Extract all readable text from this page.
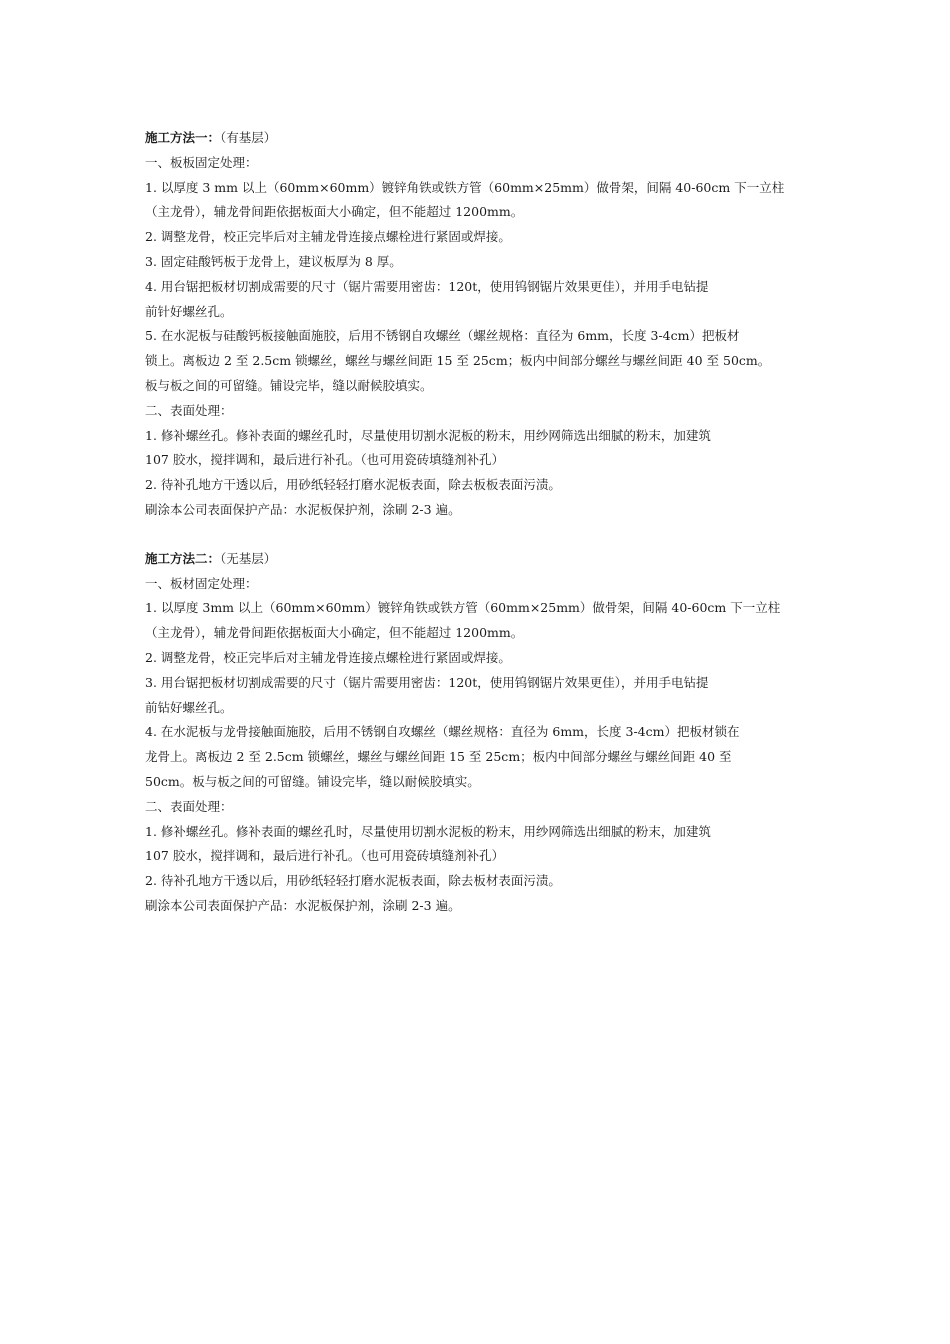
施工方法一：（有基层）

一、板板固定处理：

1. 以厚度 3 mm 以上（60mm×60mm）镀锌角铁或铁方管（60mm×25mm）做骨架，间隔 40-60cm 下一立柱

（主龙骨），辅龙骨间距依据板面大小确定，但不能超过 1200mm。

2. 调整龙骨，校正完毕后对主辅龙骨连接点螺栓进行紧固或焊接。

3. 固定硅酸钙板于龙骨上，建议板厚为 8 厚。

4. 用台锯把板材切割成需要的尺寸（锯片需要用密齿：120t，使用钨钢锯片效果更佳），并用手电钻提

前针好螺丝孔。

5. 在水泥板与硅酸钙板接触面施胶，后用不锈钢自攻螺丝（螺丝规格：直径为 6mm，长度 3-4cm）把板材

锁上。离板边 2 至 2.5cm 锁螺丝，螺丝与螺丝间距 15 至 25cm；板内中间部分螺丝与螺丝间距 40 至 50cm。

板与板之间的可留缝。铺设完毕，缝以耐候胶填实。

二、表面处理：

1. 修补螺丝孔。修补表面的螺丝孔时，尽量使用切割水泥板的粉末，用纱网筛选出细腻的粉末，加建筑

107 胶水，搅拌调和，最后进行补孔。（也可用瓷砖填缝剂补孔）

2. 待补孔地方干透以后，用砂纸轻轻打磨水泥板表面，除去板板表面污渍。

刷涂本公司表面保护产品：水泥板保护剂，涂刷 2-3 遍。

施工方法二：（无基层）

一、板材固定处理：

1. 以厚度 3mm 以上（60mm×60mm）镀锌角铁或铁方管（60mm×25mm）做骨架，间隔 40-60cm 下一立柱

（主龙骨），辅龙骨间距依据板面大小确定，但不能超过 1200mm。

2. 调整龙骨，校正完毕后对主辅龙骨连接点螺栓进行紧固或焊接。

3. 用台锯把板材切割成需要的尺寸（锯片需要用密齿：120t，使用钨钢锯片效果更佳），并用手电钻提

前钻好螺丝孔。

4. 在水泥板与龙骨接触面施胶，后用不锈钢自攻螺丝（螺丝规格：直径为 6mm，长度 3-4cm）把板材锁在

龙骨上。离板边 2 至 2.5cm 锁螺丝，螺丝与螺丝间距 15 至 25cm；板内中间部分螺丝与螺丝间距 40 至

50cm。板与板之间的可留缝。铺设完毕，缝以耐候胶填实。

二、表面处理：

1. 修补螺丝孔。修补表面的螺丝孔时，尽量使用切割水泥板的粉末，用纱网筛选出细腻的粉末，加建筑

107 胶水，搅拌调和，最后进行补孔。（也可用瓷砖填缝剂补孔）

2. 待补孔地方干透以后，用砂纸轻轻打磨水泥板表面，除去板材表面污渍。

刷涂本公司表面保护产品：水泥板保护剂，涂刷 2-3 遍。
